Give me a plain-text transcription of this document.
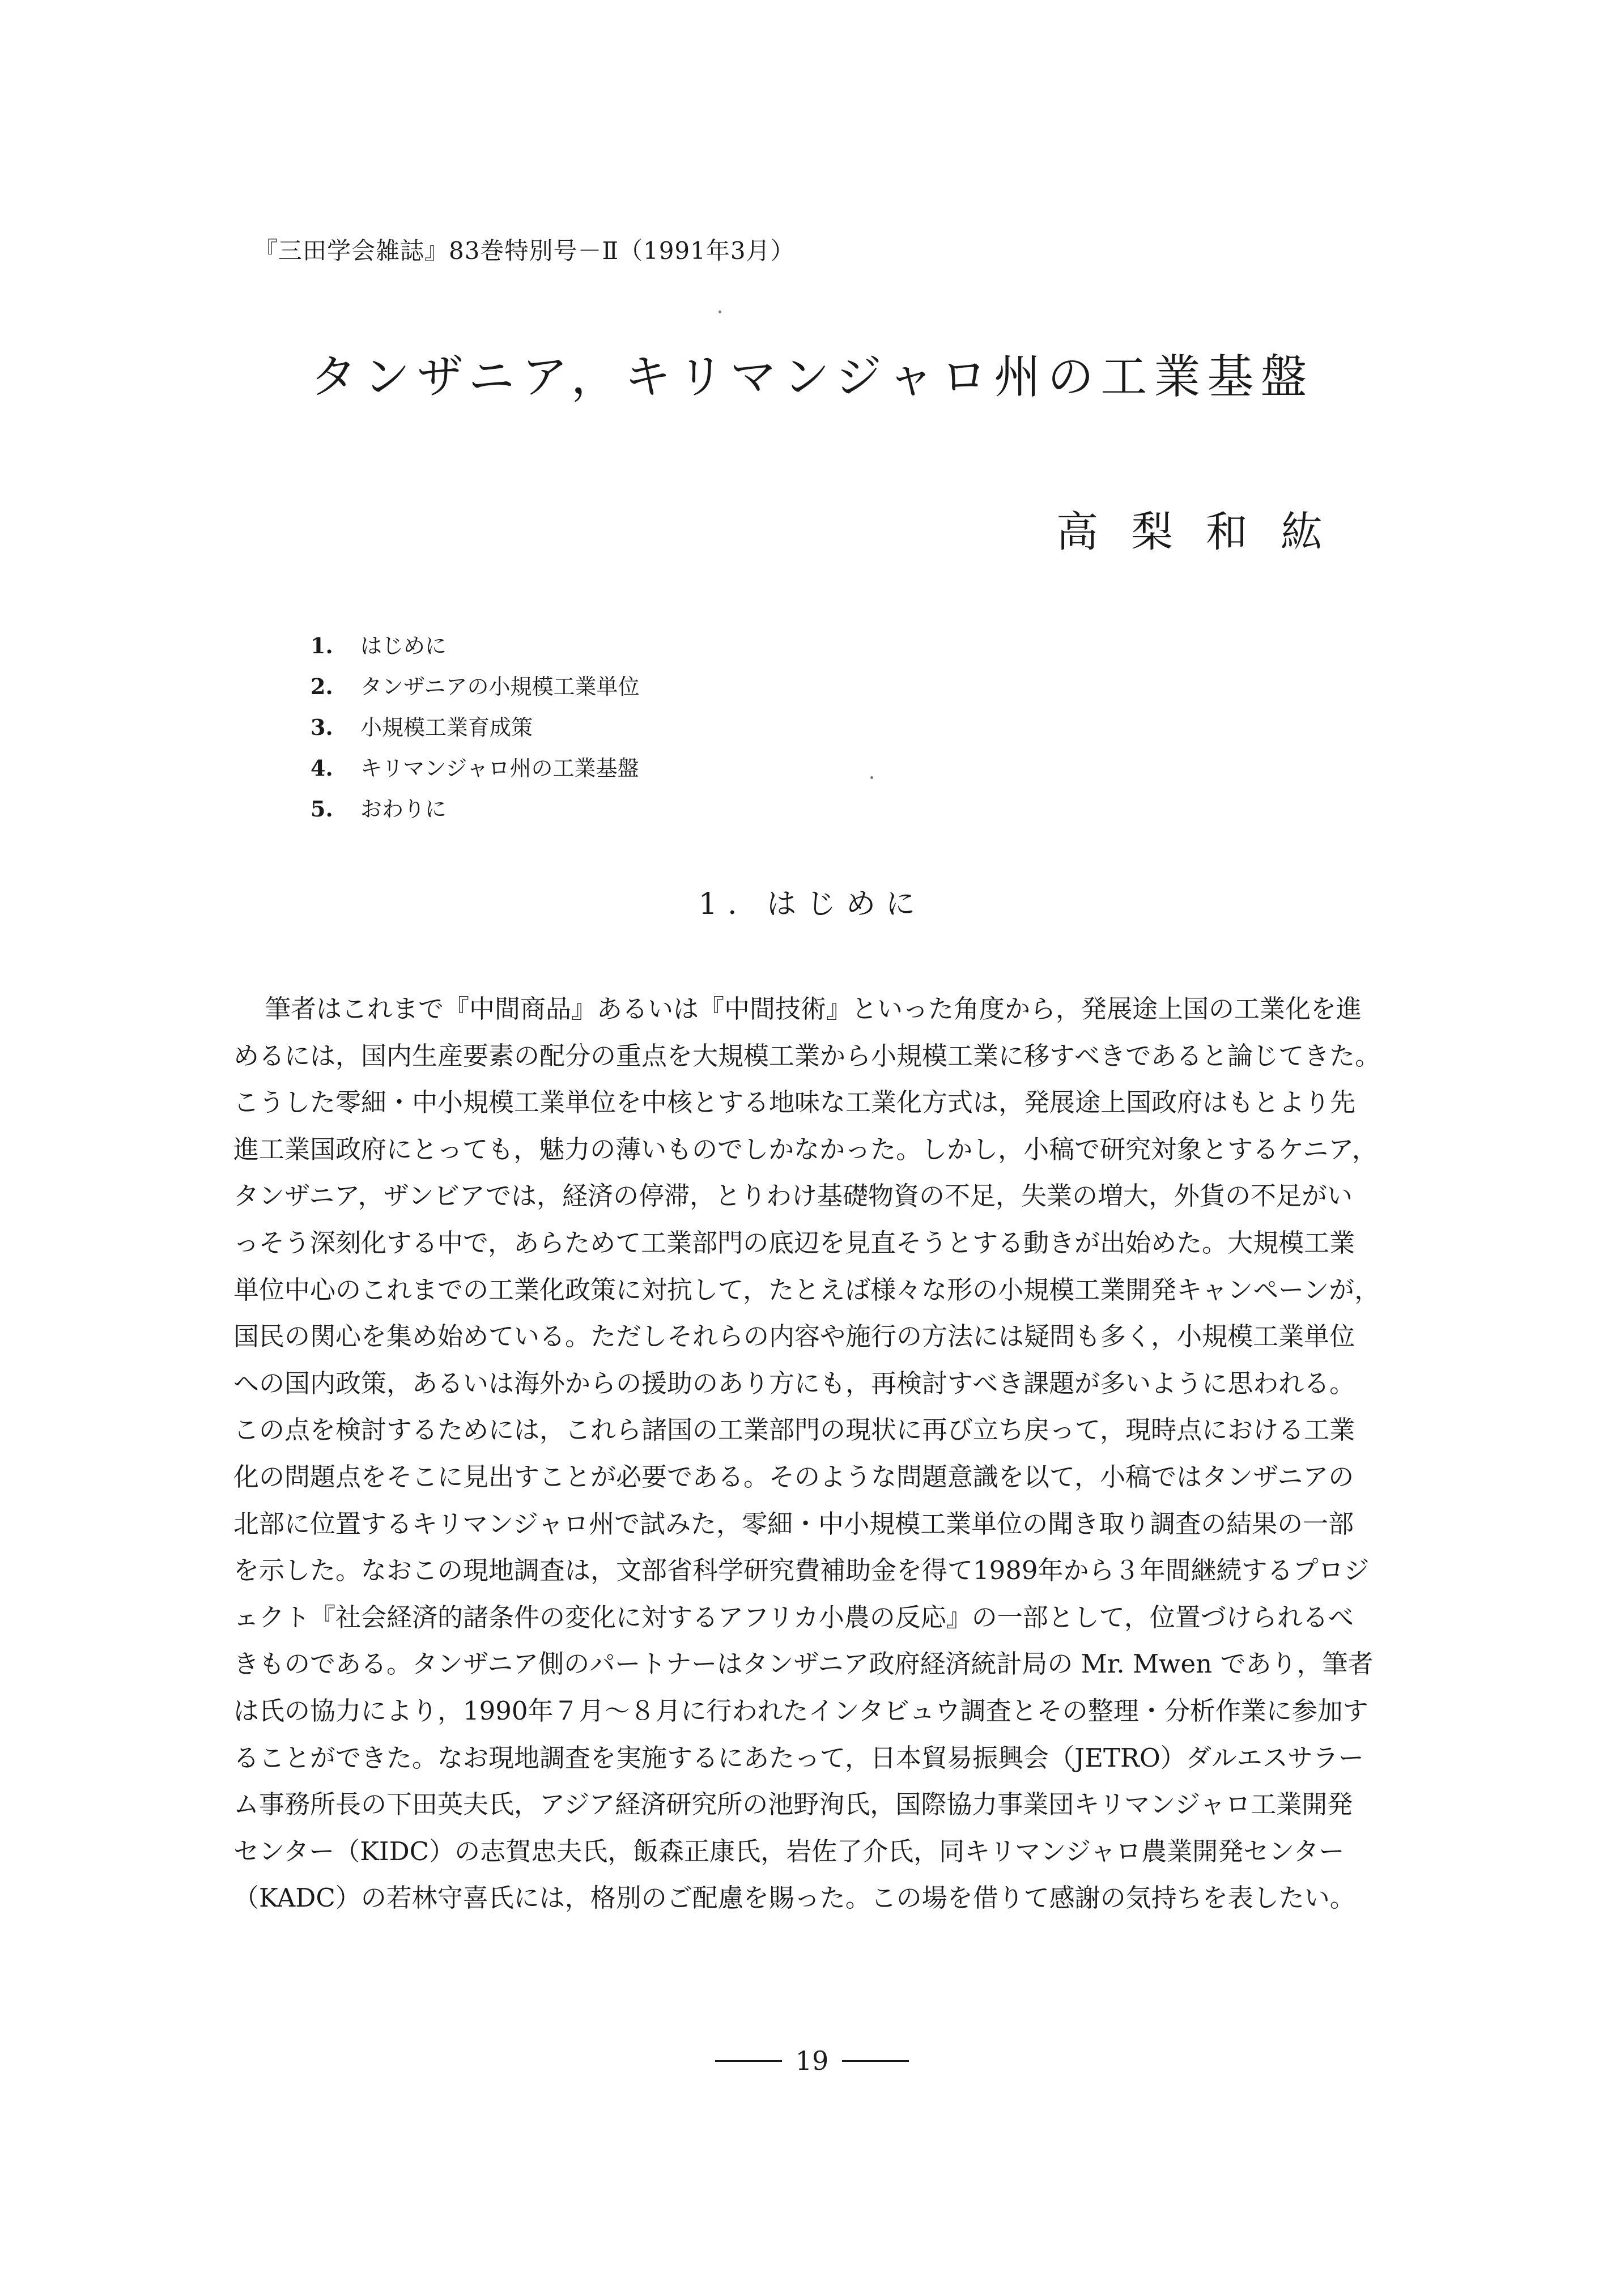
『三田学会雑誌』83巻特別号－Ⅱ（1991年3月）
タンザニア，キリマンジャロ州の工業基盤
高梨和紘
1.	はじめに
2.	タンザニアの小規模工業単位
3.	小規模工業育成策
4.	キリマンジャロ州の工業基盤
5.	おわりに
1. はじめに
筆者はこれまで『中間商品』あるいは『中間技術』といった角度から，発展途上国の工業化を進
めるには，国内生産要素の配分の重点を大規模工業から小規模工業に移すべきであると論じてきた。
こうした零細・中小規模工業単位を中核とする地味な工業化方式は，発展途上国政府はもとより先
進工業国政府にとっても，魅力の薄いものでしかなかった。しかし，小稿で研究対象とするケニア，
タンザニア，ザンビアでは，経済の停滞，とりわけ基礎物資の不足，失業の増大，外貨の不足がい
っそう深刻化する中で，あらためて工業部門の底辺を見直そうとする動きが出始めた。大規模工業
単位中心のこれまでの工業化政策に対抗して，たとえば様々な形の小規模工業開発キャンペーンが，
国民の関心を集め始めている。ただしそれらの内容や施行の方法には疑問も多く，小規模工業単位
への国内政策，あるいは海外からの援助のあり方にも，再検討すべき課題が多いように思われる。
この点を検討するためには，これら諸国の工業部門の現状に再び立ち戻って，現時点における工業
化の問題点をそこに見出すことが必要である。そのような問題意識を以て，小稿ではタンザニアの
北部に位置するキリマンジャロ州で試みた，零細・中小規模工業単位の聞き取り調査の結果の一部
を示した。なおこの現地調査は，文部省科学研究費補助金を得て1989年から３年間継続するプロジ
ェクト『社会経済的諸条件の変化に対するアフリカ小農の反応』の一部として，位置づけられるべ
きものである。タンザニア側のパートナーはタンザニア政府経済統計局の Mr. Mwen であり，筆者
は氏の協力により，1990年７月～８月に行われたインタビュウ調査とその整理・分析作業に参加す
ることができた。なお現地調査を実施するにあたって，日本貿易振興会（JETRO）ダルエスサラー
ム事務所長の下田英夫氏，アジア経済研究所の池野洵氏，国際協力事業団キリマンジャロ工業開発
センター（KIDC）の志賀忠夫氏，飯森正康氏，岩佐了介氏，同キリマンジャロ農業開発センター
（KADC）の若林守喜氏には，格別のご配慮を賜った。この場を借りて感謝の気持ちを表したい。
19
